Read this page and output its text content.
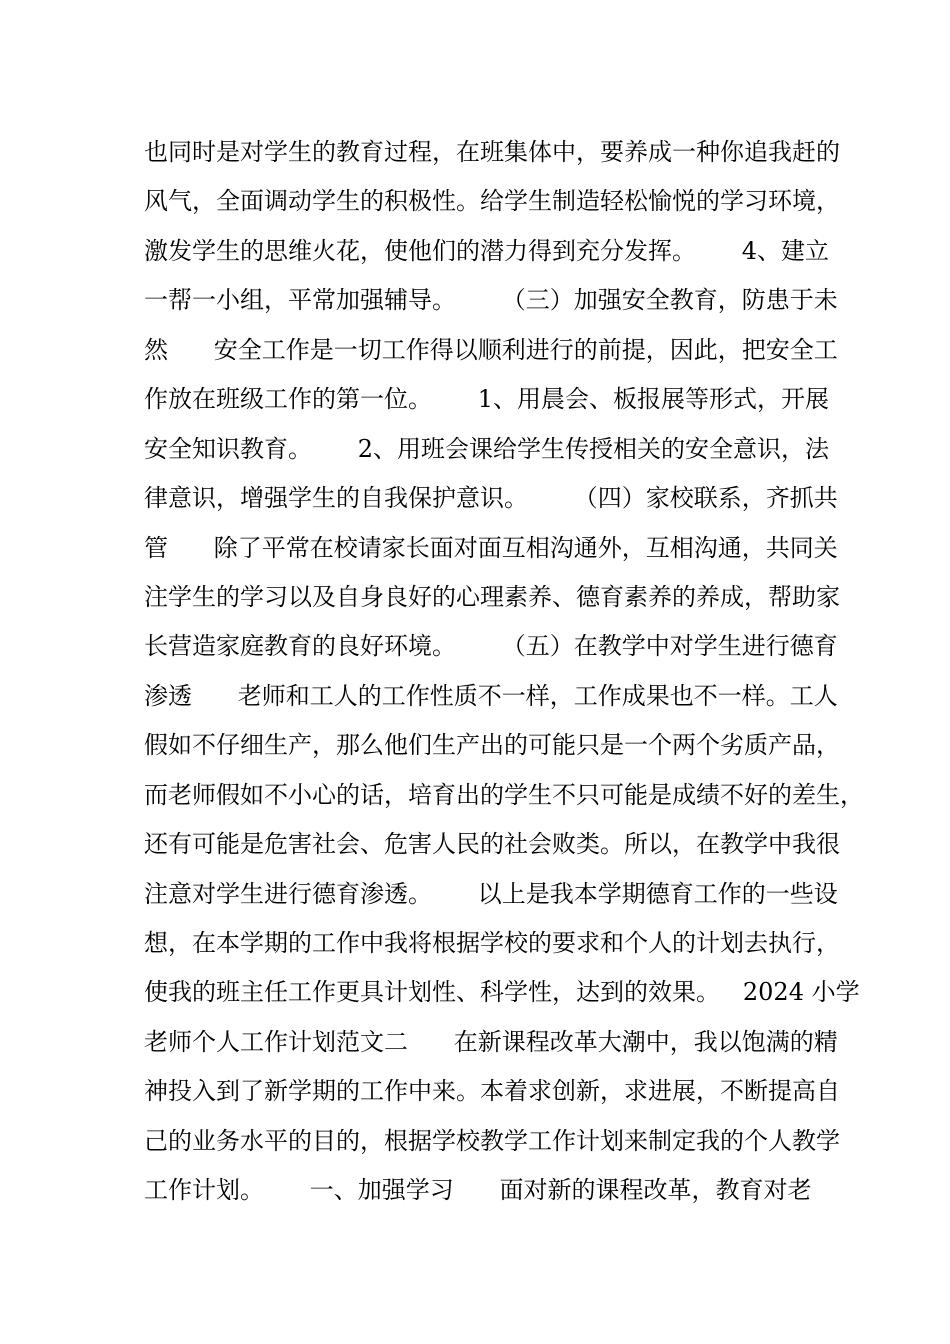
也同时是对学生的教育过程，在班集体中，要养成一种你追我赶的
风气，全面调动学生的积极性。给学生制造轻松愉悦的学习环境，
激发学生的思维火花，使他们的潜力得到充分发挥。      4、建立
一帮一小组，平常加强辅导。      （三）加强安全教育，防患于未
然      安全工作是一切工作得以顺利进行的前提，因此，把安全工
作放在班级工作的第一位。      1、用晨会、板报展等形式，开展
安全知识教育。      2、用班会课给学生传授相关的安全意识，法
律意识，增强学生的自我保护意识。      （四）家校联系，齐抓共
管      除了平常在校请家长面对面互相沟通外，互相沟通，共同关
注学生的学习以及自身良好的心理素养、德育素养的养成，帮助家
长营造家庭教育的良好环境。      （五）在教学中对学生进行德育
渗透      老师和工人的工作性质不一样，工作成果也不一样。工人
假如不仔细生产，那么他们生产出的可能只是一个两个劣质产品，
而老师假如不小心的话，培育出的学生不只可能是成绩不好的差生，
还有可能是危害社会、危害人民的社会败类。所以，在教学中我很
注意对学生进行德育渗透。      以上是我本学期德育工作的一些设
想，在本学期的工作中我将根据学校的要求和个人的计划去执行，
使我的班主任工作更具计划性、科学性，达到的效果。   2024 小学
老师个人工作计划范文二      在新课程改革大潮中，我以饱满的精
神投入到了新学期的工作中来。本着求创新，求进展，不断提高自
己的业务水平的目的，根据学校教学工作计划来制定我的个人教学
工作计划。      一、加强学习      面对新的课程改革，教育对老
